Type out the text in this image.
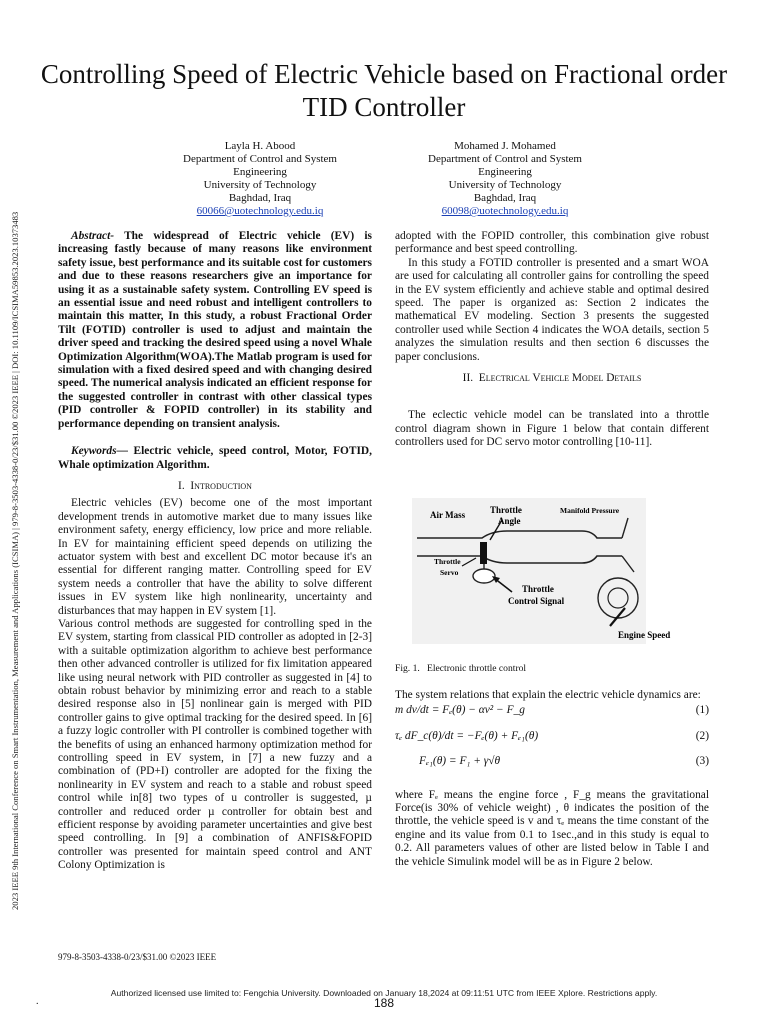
2023 IEEE 9th International Conference on Smart Instrumentation, Measurement and Applications (ICSIMA) | 979-8-3503-4338-0/23/$31.00 ©2023 IEEE | DOI: 10.1109/ICSIMA59853.2023.10373483
Controlling Speed of Electric Vehicle based on Fractional order TID Controller
Layla H. Abood
Department of Control and System
Engineering
University of Technology
Baghdad, Iraq
60066@uotechnology.edu.iq
Mohamed J. Mohamed
Department of Control and System
Engineering
University of Technology
Baghdad, Iraq
60098@uotechnology.edu.iq

Abstract- The widespread of Electric vehicle (EV) is increasing fastly because of many reasons like environment safety issue, best performance and its suitable cost for customers and due to these reasons researchers give an importance for using it as a sustainable safety system. Controlling EV speed is an essential issue and need robust and intelligent controllers to maintain this matter, In this study, a robust Fractional Order Tilt (FOTID) controller is used to adjust and maintain the driver speed and tracking the desired speed using a novel Whale Optimization Algorithm(WOA).The Matlab program is used for simulation with a fixed desired speed and with changing desired speed. The numerical analysis indicated an efficient response for the suggested controller in contrast with other classical types (PID controller & FOPID controller) in its stability and performance depending on transient analysis.

Keywords— Electric vehicle, speed control, Motor, FOTID, Whale optimization Algorithm.

I. Introduction

Electric vehicles (EV) become one of the most important development trends in automotive market due to many issues like environment safety, energy efficiency, low price and more reliable. In EV for maintaining efficient speed depends on utilizing the actuator system with best and excellent DC motor because it's an essential for different ranging matter. Controlling speed for EV system needs a controller that have the ability to solve different issues in EV system like high nonlinearity, uncertainty and disturbances that may happen in EV system [1].

Various control methods are suggested for controlling sped in the EV system, starting from classical PID controller as adopted in [2-3] with a suitable optimization algorithm to achieve best performance then other advanced controller is utilized for fix limitation appeared like using neural network with PID controller as suggested in [4] to obtain robust behavior by minimizing error and reach to a stable desired response also in [5] nonlinear gain is merged with PID controller gains to give optimal tracking for the desired speed. In [6] a fuzzy logic controller with PI controller is combined together with the benefits of using an enhanced harmony optimization method for controlling speed in EV system, in [7] a new fuzzy and a combination of (PD+I) controller are adopted for the fixing the nonlinearity in EV system and reach to a stable and robust speed control while in[8] two types of u controller is suggested, µ controller and reduced order µ controller for obtain best and efficient response by avoiding parameter uncertainties and give best speed controlling. In [9] a combination of ANFIS&FOPID controller was presented for maintain speed control and ANT Colony Optimization is

adopted with the FOPID controller, this combination give robust performance and best speed controlling.

In this study a FOTID controller is presented and a smart WOA are used for calculating all controller gains for controlling the speed in the EV system efficiently and achieve stable and optimal desired speed. The paper is organized as: Section 2 indicates the mathematical EV modeling. Section 3 presents the suggested controller used while Section 4 indicates the WOA details, section 5 analyzes the simulation results and then section 6 discusses the paper conclusions.

II. Electrical Vehicle Model Details

The eclectic vehicle model can be translated into a throttle control diagram shown in Figure 1 below that contain different controllers used for DC servo motor controlling [10-11].

Air Mass	Throttle
Angle
Manifold Pressure
Throttle
Servo
Throttle
Control Signal
Engine Speed
Fig. 1. Electronic throttle control

The system relations that explain the electric vehicle dynamics are:

m dv/dt = Fₑ(θ) − αv² − F_g	(1)
τₑ dF_c(θ)/dt = −Fₑ(θ) + Fₑ₁(θ)	(2)
Fₑ₁(θ) = F₁ + γ√θ	(3)

where Fₑ means the engine force , F_g means the gravitational Force(is 30% of vehicle weight) , θ indicates the position of the throttle, the vehicle speed is v and τₑ means the time constant of the engine and its value from 0.1 to 1sec.,and in this study is equal to 0.2. All parameters values of other are listed below in Table I and the vehicle Simulink model will be as in Figure 2 below.

979-8-3503-4338-0/23/$31.00 ©2023 IEEE
Authorized licensed use limited to: Fengchia University. Downloaded on January 18,2024 at 09:11:51 UTC from IEEE Xplore. Restrictions apply.
188
.
